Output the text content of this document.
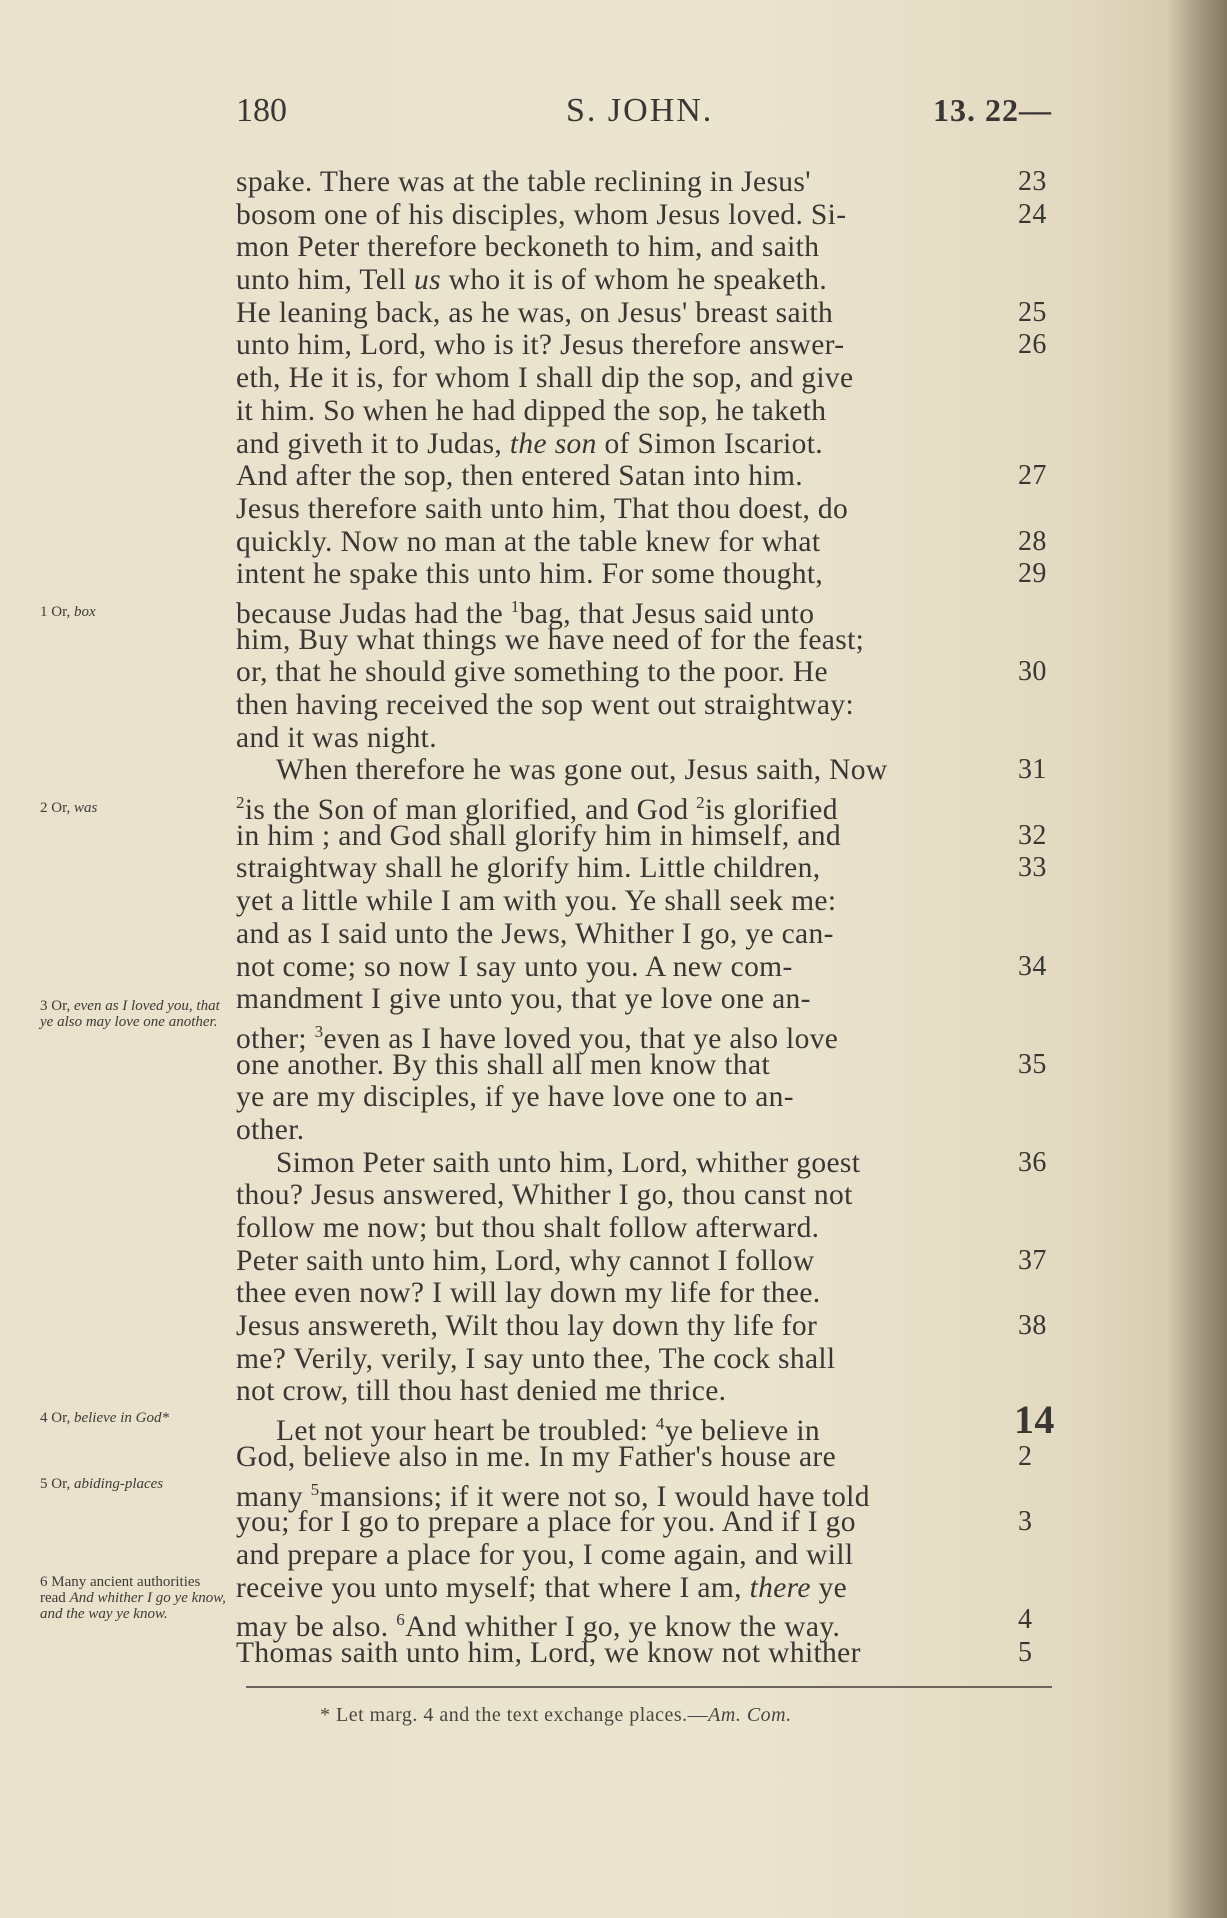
180	S. JOHN.	13. 22—
1 Or, box
2 Or, was
3 Or, even as I loved you, that ye also may love one another.
4 Or, believe in God*
5 Or, abiding-places
6 Many ancient authorities read And whither I go ye know, and the way ye know.
spake. There was at the table reclining in Jesus'	23
bosom one of his disciples, whom Jesus loved. Si-	24
mon Peter therefore beckoneth to him, and saith
unto him, Tell us who it is of whom he speaketh.
He leaning back, as he was, on Jesus' breast saith	25
unto him, Lord, who is it? Jesus therefore answer-	26
eth, He it is, for whom I shall dip the sop, and give
it him. So when he had dipped the sop, he taketh
and giveth it to Judas, the son of Simon Iscariot.
And after the sop, then entered Satan into him.	27
Jesus therefore saith unto him, That thou doest, do
quickly. Now no man at the table knew for what	28
intent he spake this unto him. For some thought,	29
because Judas had the $^1$bag, that Jesus said unto
him, Buy what things we have need of for the feast;
or, that he should give something to the poor. He	30
then having received the sop went out straightway:
and it was night.
When therefore he was gone out, Jesus saith, Now	31
$^2$is the Son of man glorified, and God $^2$is glorified
in him ; and God shall glorify him in himself, and	32
straightway shall he glorify him. Little children,	33
yet a little while I am with you. Ye shall seek me:
and as I said unto the Jews, Whither I go, ye can-
not come; so now I say unto you. A new com-	34
mandment I give unto you, that ye love one an-
other; $^3$even as I have loved you, that ye also love
one another. By this shall all men know that	35
ye are my disciples, if ye have love one to an-
other.
Simon Peter saith unto him, Lord, whither goest	36
thou? Jesus answered, Whither I go, thou canst not
follow me now; but thou shalt follow afterward.
Peter saith unto him, Lord, why cannot I follow	37
thee even now? I will lay down my life for thee.
Jesus answereth, Wilt thou lay down thy life for	38
me? Verily, verily, I say unto thee, The cock shall
not crow, till thou hast denied me thrice.
Let not your heart be troubled: $^4$ye believe in	14
God, believe also in me. In my Father's house are	2
many $^5$mansions; if it were not so, I would have told
you; for I go to prepare a place for you. And if I go	3
and prepare a place for you, I come again, and will
receive you unto myself; that where I am, there ye
may be also. $^6$And whither I go, ye know the way.	4
Thomas saith unto him, Lord, we know not whither	5
* Let marg. 4 and the text exchange places.—Am. Com.
